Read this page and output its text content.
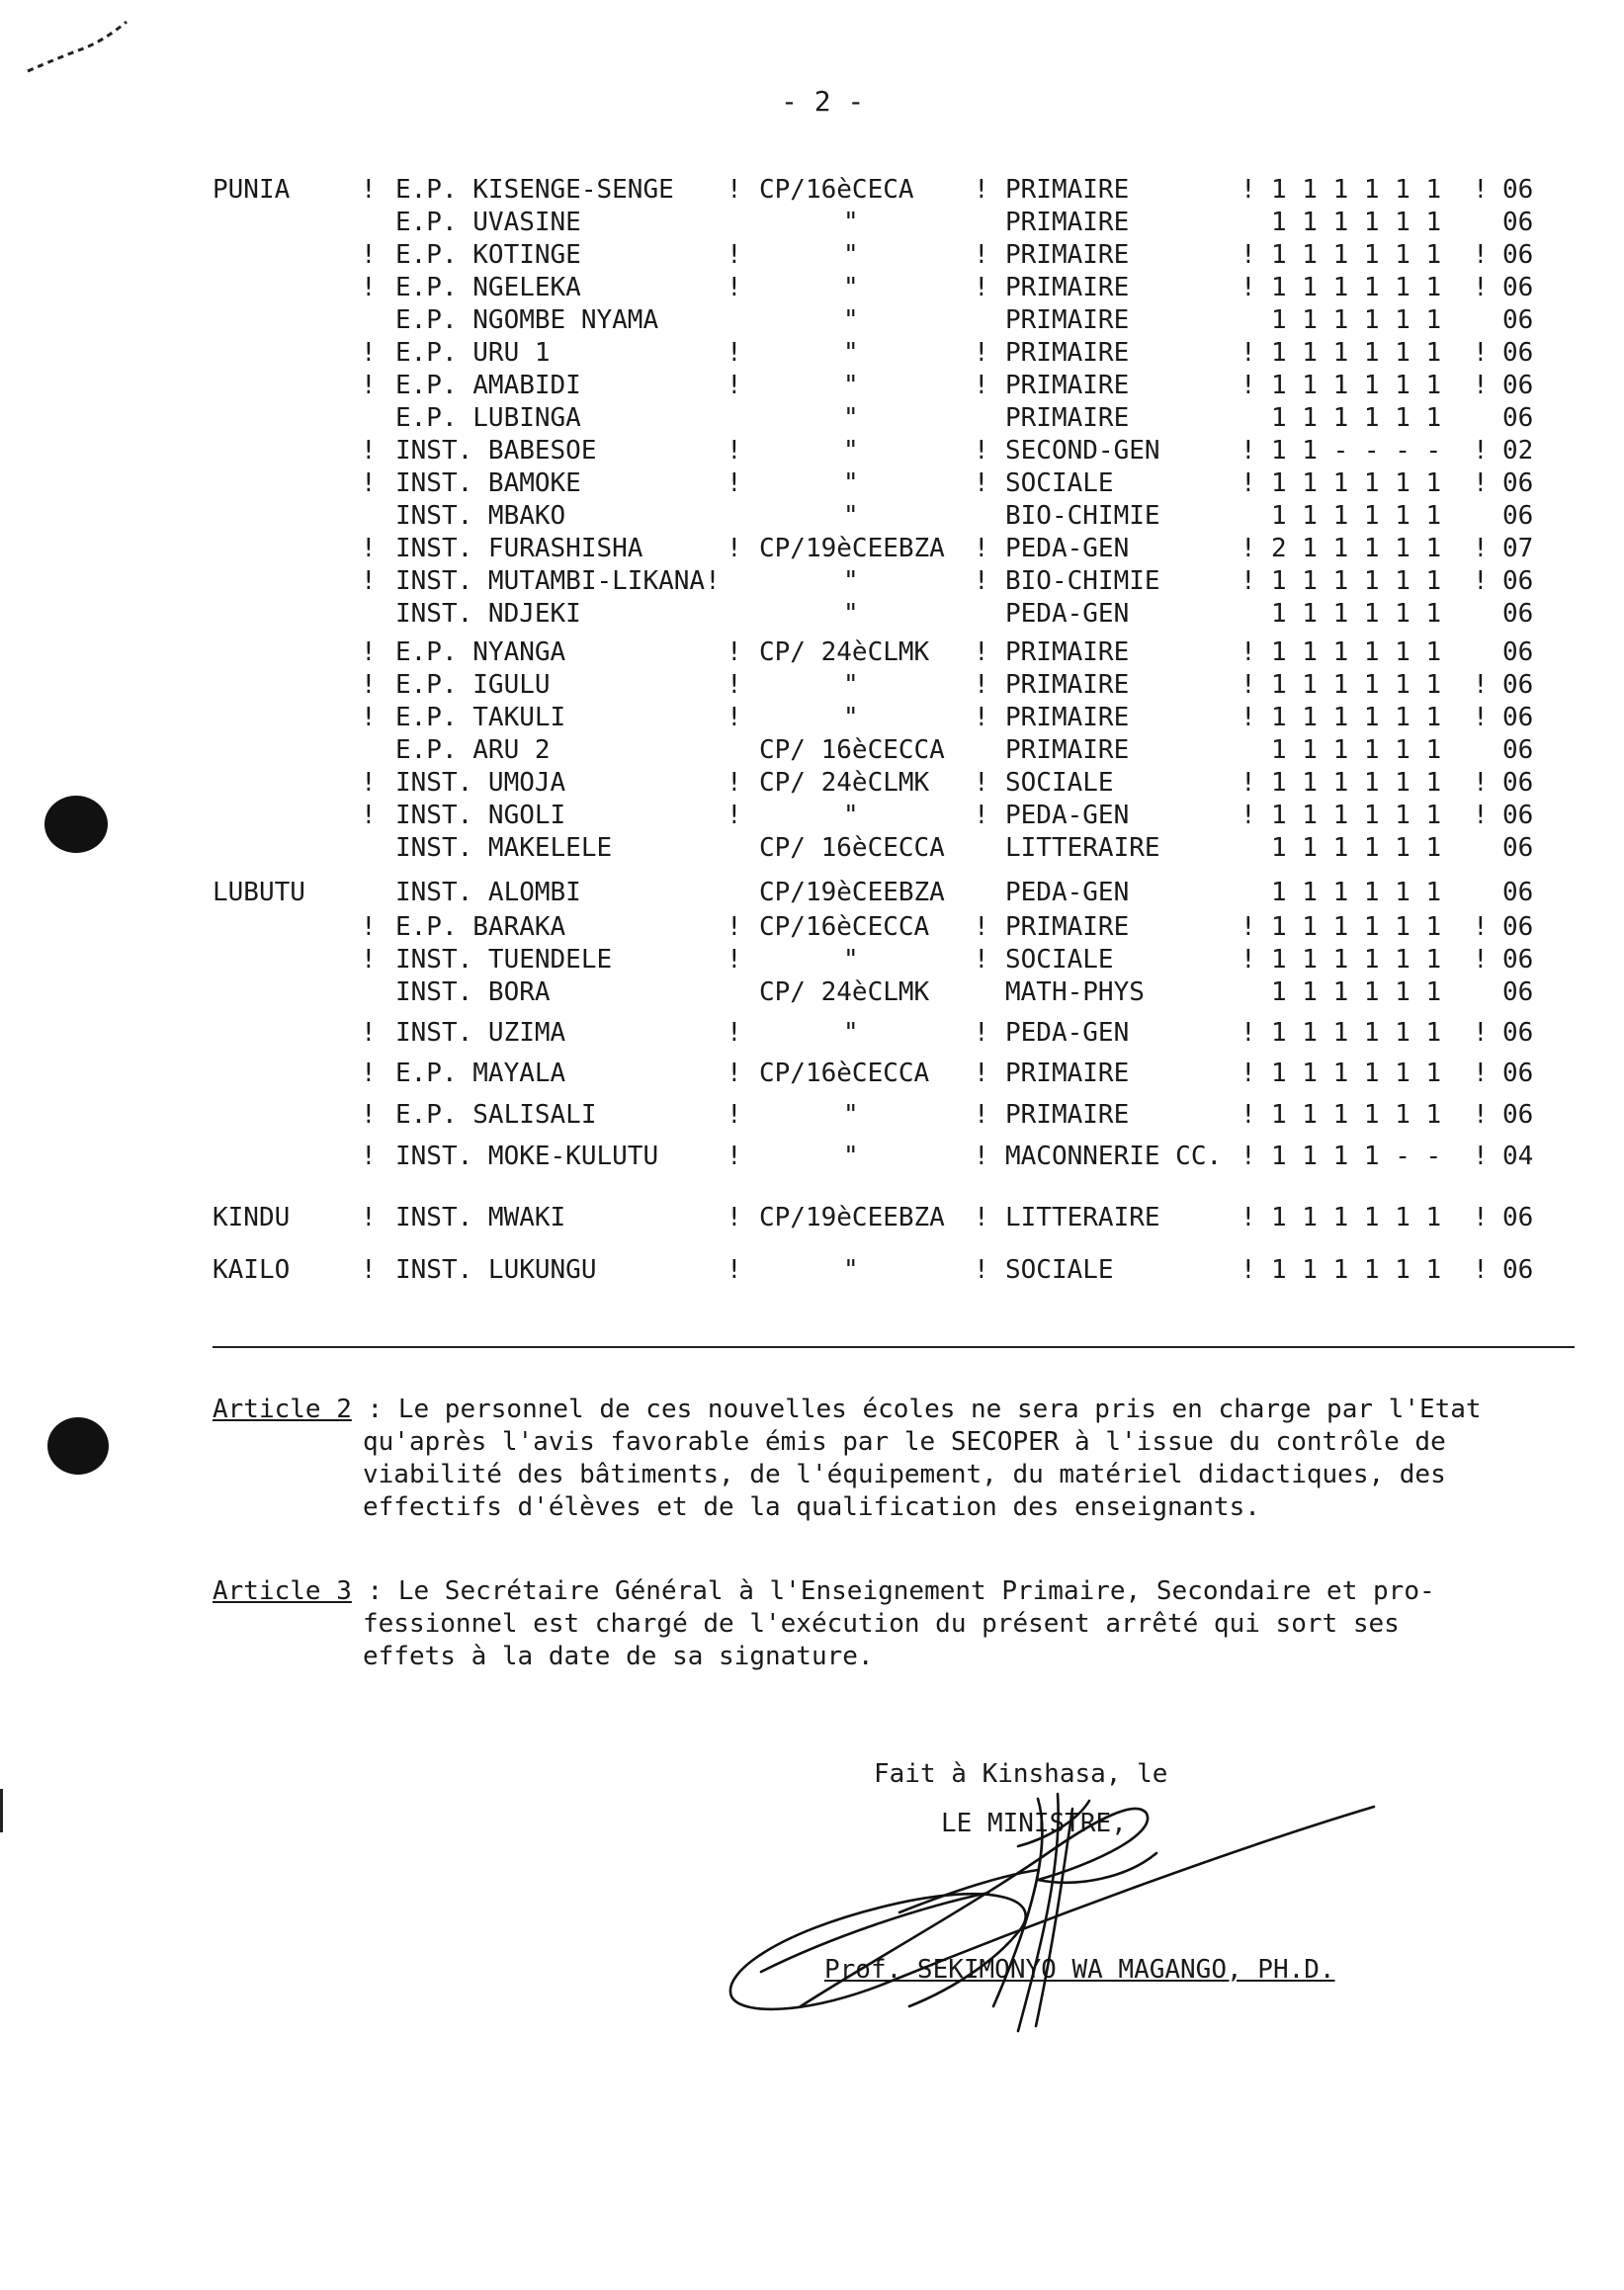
- 2 -
PUNIA	! E.P. KISENGE-SENGE ! CP/16èCECA ! PRIMAIRE	! 1 1 1 1 1 1 ! 06
E.P. UVASINE	"	PRIMAIRE	1 1 1 1 1 1 06
! E.P. KOTINGE	!	"	! PRIMAIRE	! 1 1 1 1 1 1 ! 06
! E.P. NGELEKA	!	"	! PRIMAIRE	! 1 1 1 1 1 1 ! 06
E.P. NGOMBE NYAMA	"	PRIMAIRE	1 1 1 1 1 1 06
! E.P. URU 1	!	"	! PRIMAIRE	! 1 1 1 1 1 1 ! 06
! E.P. AMABIDI	!	"	! PRIMAIRE	! 1 1 1 1 1 1 ! 06
E.P. LUBINGA	"	PRIMAIRE	1 1 1 1 1 1 06
! INST. BABESOE	!	"	! SECOND-GEN	! 1 1 - - - - ! 02
! INST. BAMOKE	!	"	! SOCIALE	! 1 1 1 1 1 1 ! 06
INST. MBAKO	"	BIO-CHIMIE	1 1 1 1 1 1 06
! INST. FURASHISHA	! CP/19èCEEBZA ! PEDA-GEN	! 2 1 1 1 1 1 ! 07
! INST. MUTAMBI-LIKANA!	"	! BIO-CHIMIE	! 1 1 1 1 1 1 ! 06
INST. NDJEKI	"	PEDA-GEN	1 1 1 1 1 1 06
! E.P. NYANGA	! CP/ 24èCLMK ! PRIMAIRE	! 1 1 1 1 1 1 06
! E.P. IGULU	!	"	! PRIMAIRE	! 1 1 1 1 1 1 ! 06
! E.P. TAKULI	!	"	! PRIMAIRE	! 1 1 1 1 1 1 ! 06
E.P. ARU 2	CP/ 16èCECCA PRIMAIRE	1 1 1 1 1 1 06
! INST. UMOJA	! CP/ 24èCLMK ! SOCIALE	! 1 1 1 1 1 1 ! 06
! INST. NGOLI	!	"	! PEDA-GEN	! 1 1 1 1 1 1 ! 06
INST. MAKELELE	CP/ 16èCECCA LITTERAIRE	1 1 1 1 1 1 06
LUBUTU	INST. ALOMBI	CP/19èCEEBZA PEDA-GEN	1 1 1 1 1 1 06
! E.P. BARAKA	! CP/16èCECCA ! PRIMAIRE	! 1 1 1 1 1 1 ! 06
! INST. TUENDELE	!	"	! SOCIALE	! 1 1 1 1 1 1 ! 06
INST. BORA	CP/ 24èCLMK	MATH-PHYS	1 1 1 1 1 1 06
! INST. UZIMA	!	"	! PEDA-GEN	! 1 1 1 1 1 1 ! 06
! E.P. MAYALA	! CP/16èCECCA ! PRIMAIRE	! 1 1 1 1 1 1 ! 06
! E.P. SALISALI	!	"	! PRIMAIRE	! 1 1 1 1 1 1 ! 06
! INST. MOKE-KULUTU	!	"	! MACONNERIE CC. ! 1 1 1 1 - - ! 04
KINDU	! INST. MWAKI	! CP/19èCEEBZA ! LITTERAIRE	! 1 1 1 1 1 1 ! 06
KAILO	! INST. LUKUNGU	!	"	! SOCIALE	! 1 1 1 1 1 1 ! 06
Article 2 : Le personnel de ces nouvelles écoles ne sera pris en charge par l'Etat
qu'après l'avis favorable émis par le SECOPER à l'issue du contrôle de
viabilité des bâtiments, de l'équipement, du matériel didactiques, des
effectifs d'élèves et de la qualification des enseignants.
Article 3 : Le Secrétaire Général à l'Enseignement Primaire, Secondaire et pro-
fessionnel est chargé de l'exécution du présent arrêté qui sort ses
effets à la date de sa signature.
Fait à Kinshasa, le
LE MINISTRE,
Prof. SEKIMONYO WA MAGANGO, PH.D.
